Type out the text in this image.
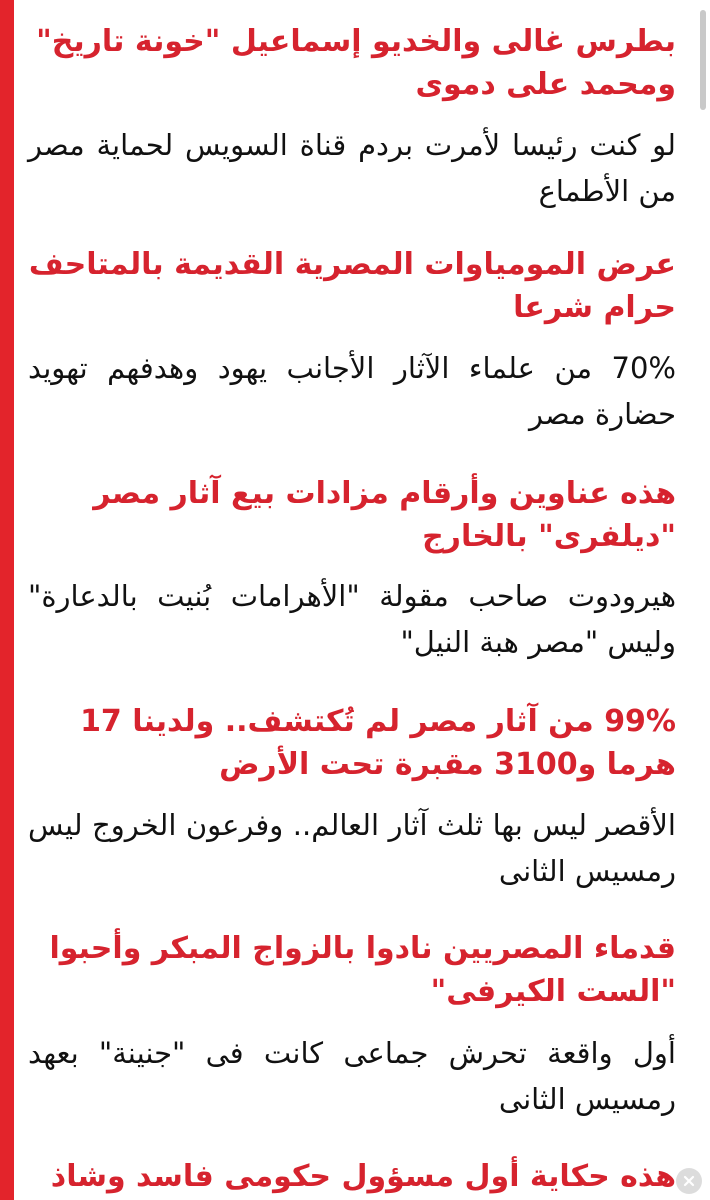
بطرس غالى والخديو إسماعيل "خونة تاريخ" ومحمد على دموى

لو كنت رئيسا لأمرت بردم قناة السويس لحماية مصر من الأطماع

عرض المومياوات المصرية القديمة بالمتاحف حرام شرعا

70% من علماء الآثار الأجانب يهود وهدفهم تهويد حضارة مصر

هذه عناوين وأرقام مزادات بيع آثار مصر "ديلفرى" بالخارج

هيرودوت صاحب مقولة "الأهرامات بُنيت بالدعارة" وليس "مصر هبة النيل"

99% من آثار مصر لم تُكتشف.. ولدينا 17 هرما و3100 مقبرة تحت الأرض

الأقصر ليس بها ثلث آثار العالم.. وفرعون الخروج ليس رمسيس الثانى

قدماء المصريين نادوا بالزواج المبكر وأحبوا "الست الكيرفى"

أول واقعة تحرش جماعى كانت فى "جنينة" بعهد رمسيس الثانى

هذه حكاية أول مسؤول حكومى فاسد وشاذ
